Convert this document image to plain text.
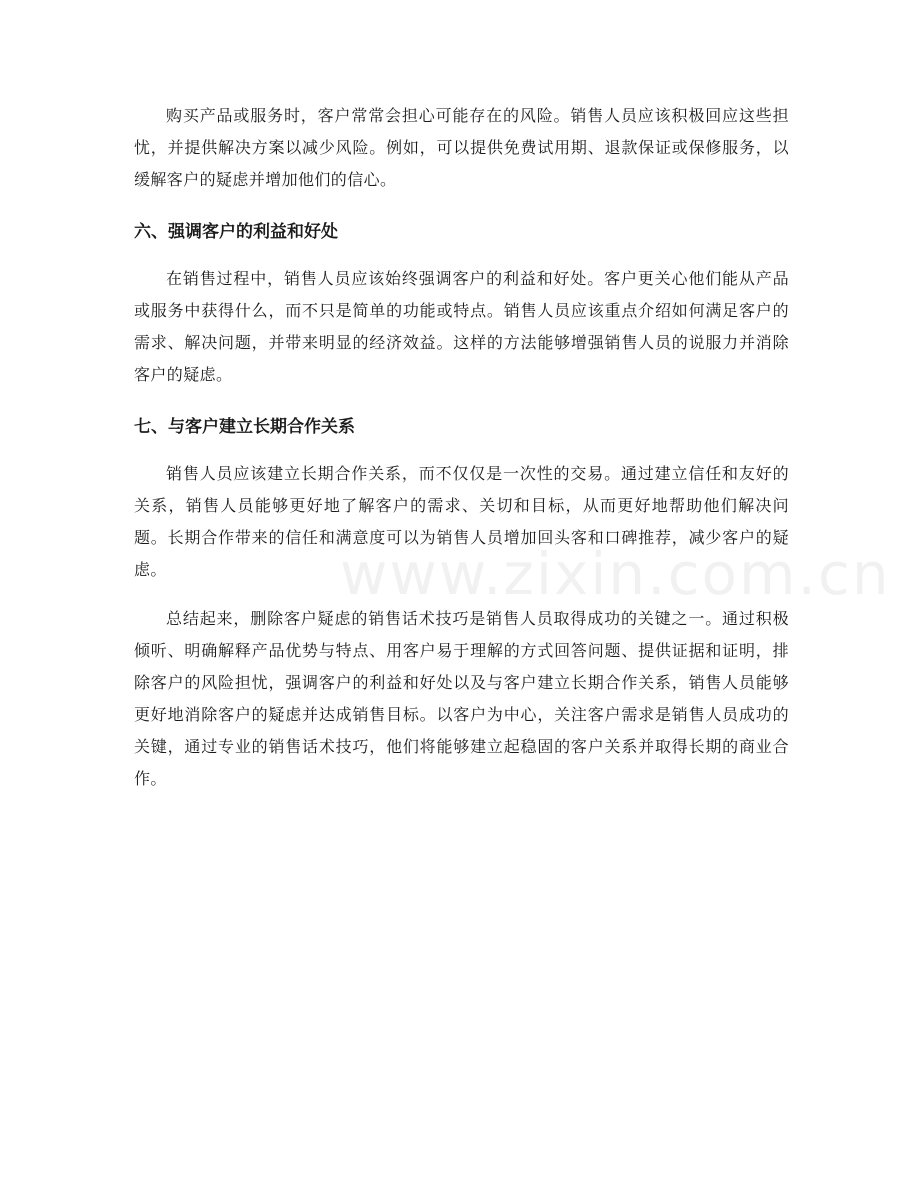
www.zixin.com.cn

购买产品或服务时，客户常常会担心可能存在的风险。销售人员应该积极回应这些担忧，并提供解决方案以减少风险。例如，可以提供免费试用期、退款保证或保修服务，以缓解客户的疑虑并增加他们的信心。

六、强调客户的利益和好处

在销售过程中，销售人员应该始终强调客户的利益和好处。客户更关心他们能从产品或服务中获得什么，而不只是简单的功能或特点。销售人员应该重点介绍如何满足客户的需求、解决问题，并带来明显的经济效益。这样的方法能够增强销售人员的说服力并消除客户的疑虑。

七、与客户建立长期合作关系

销售人员应该建立长期合作关系，而不仅仅是一次性的交易。通过建立信任和友好的关系，销售人员能够更好地了解客户的需求、关切和目标，从而更好地帮助他们解决问题。长期合作带来的信任和满意度可以为销售人员增加回头客和口碑推荐，减少客户的疑虑。

总结起来，删除客户疑虑的销售话术技巧是销售人员取得成功的关键之一。通过积极倾听、明确解释产品优势与特点、用客户易于理解的方式回答问题、提供证据和证明，排除客户的风险担忧，强调客户的利益和好处以及与客户建立长期合作关系，销售人员能够更好地消除客户的疑虑并达成销售目标。以客户为中心，关注客户需求是销售人员成功的关键，通过专业的销售话术技巧，他们将能够建立起稳固的客户关系并取得长期的商业合作。
